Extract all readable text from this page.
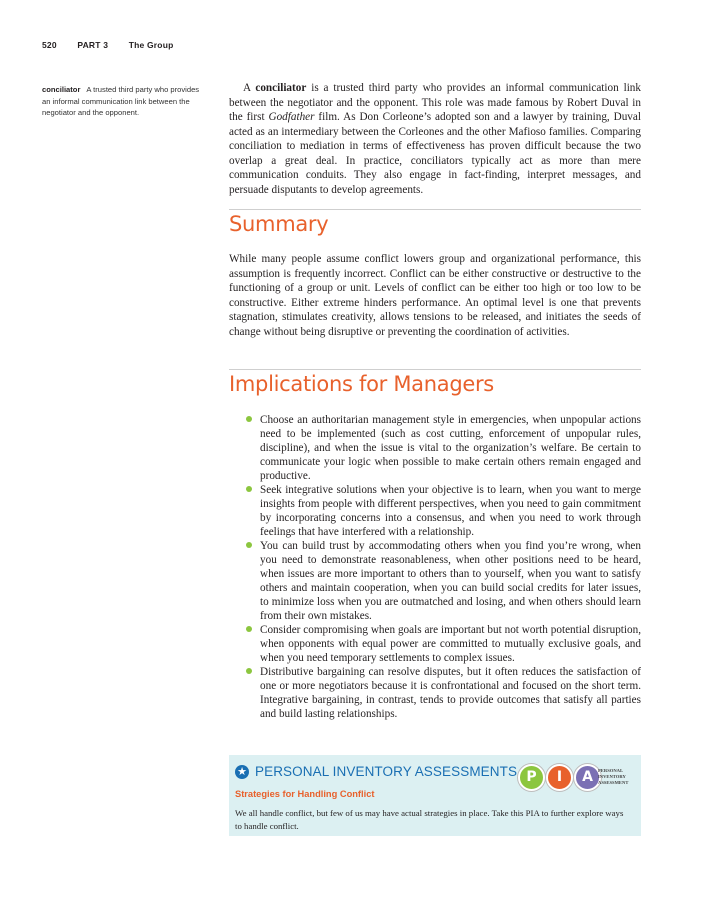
520 PART 3 The Group
conciliator A trusted third party who provides an informal communication link between the negotiator and the opponent.

A conciliator is a trusted third party who provides an informal communication link between the negotiator and the opponent. This role was made famous by Robert Duval in the first Godfather film. As Don Corleone’s adopted son and a lawyer by training, Duval acted as an intermediary between the Corleones and the other Mafioso families. Comparing conciliation to mediation in terms of effectiveness has proven difficult because the two overlap a great deal. In practice, conciliators typically act as more than mere communication conduits. They also engage in fact-finding, interpret messages, and persuade disputants to develop agreements.

Summary

While many people assume conflict lowers group and organizational performance, this assumption is frequently incorrect. Conflict can be either constructive or destructive to the functioning of a group or unit. Levels of conflict can be either too high or too low to be constructive. Either extreme hinders performance. An optimal level is one that prevents stagnation, stimulates creativity, allows tensions to be released, and initiates the seeds of change without being disruptive or preventing the coordination of activities.

Implications for Managers
Choose an authoritarian management style in emergencies, when unpopular actions need to be implemented (such as cost cutting, enforcement of unpopular rules, discipline), and when the issue is vital to the organization’s welfare. Be certain to communicate your logic when possible to make certain others remain engaged and productive.
Seek integrative solutions when your objective is to learn, when you want to merge insights from people with different perspectives, when you need to gain commitment by incorporating concerns into a consensus, and when you need to work through feelings that have interfered with a relationship.
You can build trust by accommodating others when you find you’re wrong, when you need to demonstrate reasonableness, when other positions need to be heard, when issues are more important to others than to yourself, when you want to satisfy others and maintain cooperation, when you can build social credits for later issues, to minimize loss when you are outmatched and losing, and when others should learn from their own mistakes.
Consider compromising when goals are important but not worth potential disruption, when opponents with equal power are committed to mutually exclusive goals, and when you need temporary settlements to complex issues.
Distributive bargaining can resolve disputes, but it often reduces the satisfaction of one or more negotiators because it is confrontational and focused on the short term. Integrative bargaining, in contrast, tends to provide outcomes that satisfy all parties and build lasting relationships.
★ PERSONAL INVENTORY ASSESSMENTS P	I	A	PERSONAL
INVENTORY
ASSESSMENT
Strategies for Handling Conflict
We all handle conflict, but few of us may have actual strategies in place. Take this PIA to further explore ways to handle conflict.
